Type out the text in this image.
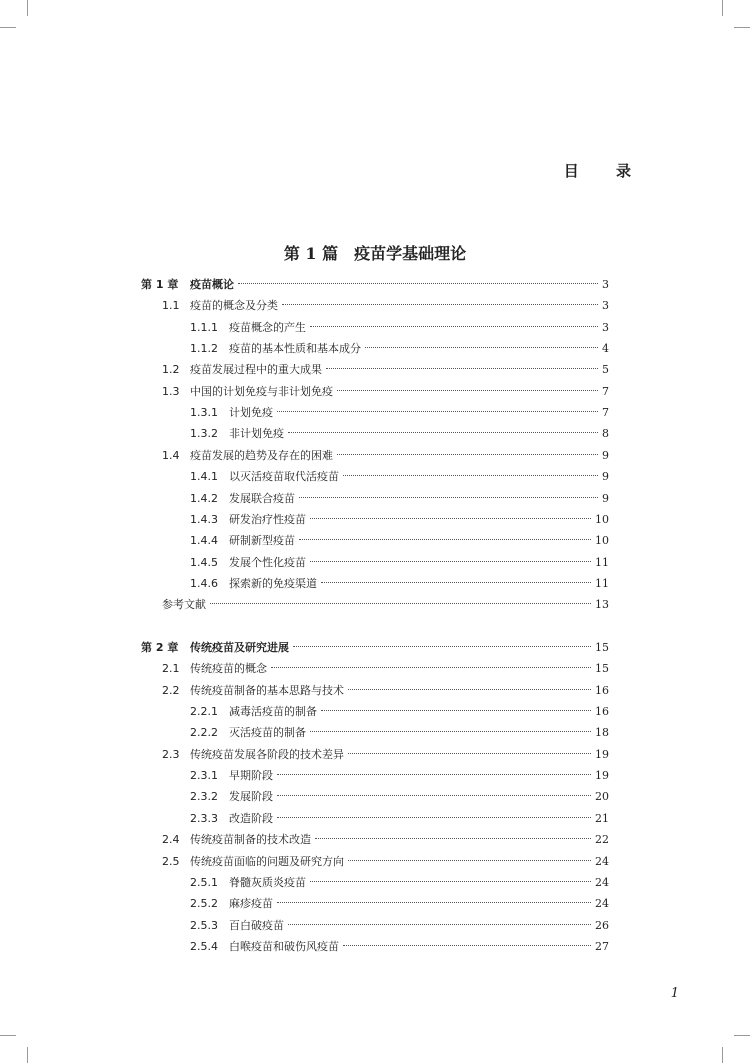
目 录
第 1 篇　疫苗学基础理论
第 1 章 疫苗概论	3
1.1 疫苗的概念及分类	3
1.1.1 疫苗概念的产生	3
1.1.2 疫苗的基本性质和基本成分	4
1.2 疫苗发展过程中的重大成果	5
1.3 中国的计划免疫与非计划免疫	7
1.3.1 计划免疫	7
1.3.2 非计划免疫	8
1.4 疫苗发展的趋势及存在的困难	9
1.4.1 以灭活疫苗取代活疫苗	9
1.4.2 发展联合疫苗	9
1.4.3 研发治疗性疫苗	10
1.4.4 研制新型疫苗	10
1.4.5 发展个性化疫苗	11
1.4.6 探索新的免疫渠道	11
参考文献	13
第 2 章 传统疫苗及研究进展	15
2.1 传统疫苗的概念	15
2.2 传统疫苗制备的基本思路与技术	16
2.2.1 减毒活疫苗的制备	16
2.2.2 灭活疫苗的制备	18
2.3 传统疫苗发展各阶段的技术差异	19
2.3.1 早期阶段	19
2.3.2 发展阶段	20
2.3.3 改造阶段	21
2.4 传统疫苗制备的技术改造	22
2.5 传统疫苗面临的问题及研究方向	24
2.5.1 脊髓灰质炎疫苗	24
2.5.2 麻疹疫苗	24
2.5.3 百白破疫苗	26
2.5.4 白喉疫苗和破伤风疫苗	27
1
